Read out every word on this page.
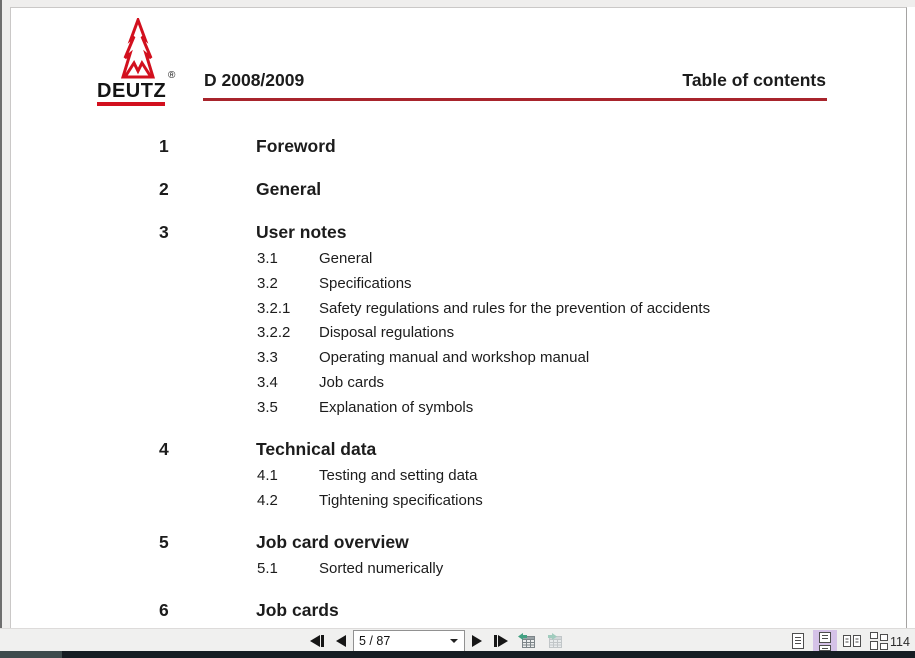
DEUTZ
® D 2008/2009	Table of contents
1	Foreword
2	General
3	User notes
3.1	General
3.2	Specifications
3.2.1	Safety regulations and rules for the prevention of accidents
3.2.2	Disposal regulations
3.3	Operating manual and workshop manual
3.4	Job cards
3.5	Explanation of symbols
4	Technical data
4.1	Testing and setting data
4.2	Tightening specifications
5	Job card overview
5.1	Sorted numerically
6	Job cards
5 / 87
114
